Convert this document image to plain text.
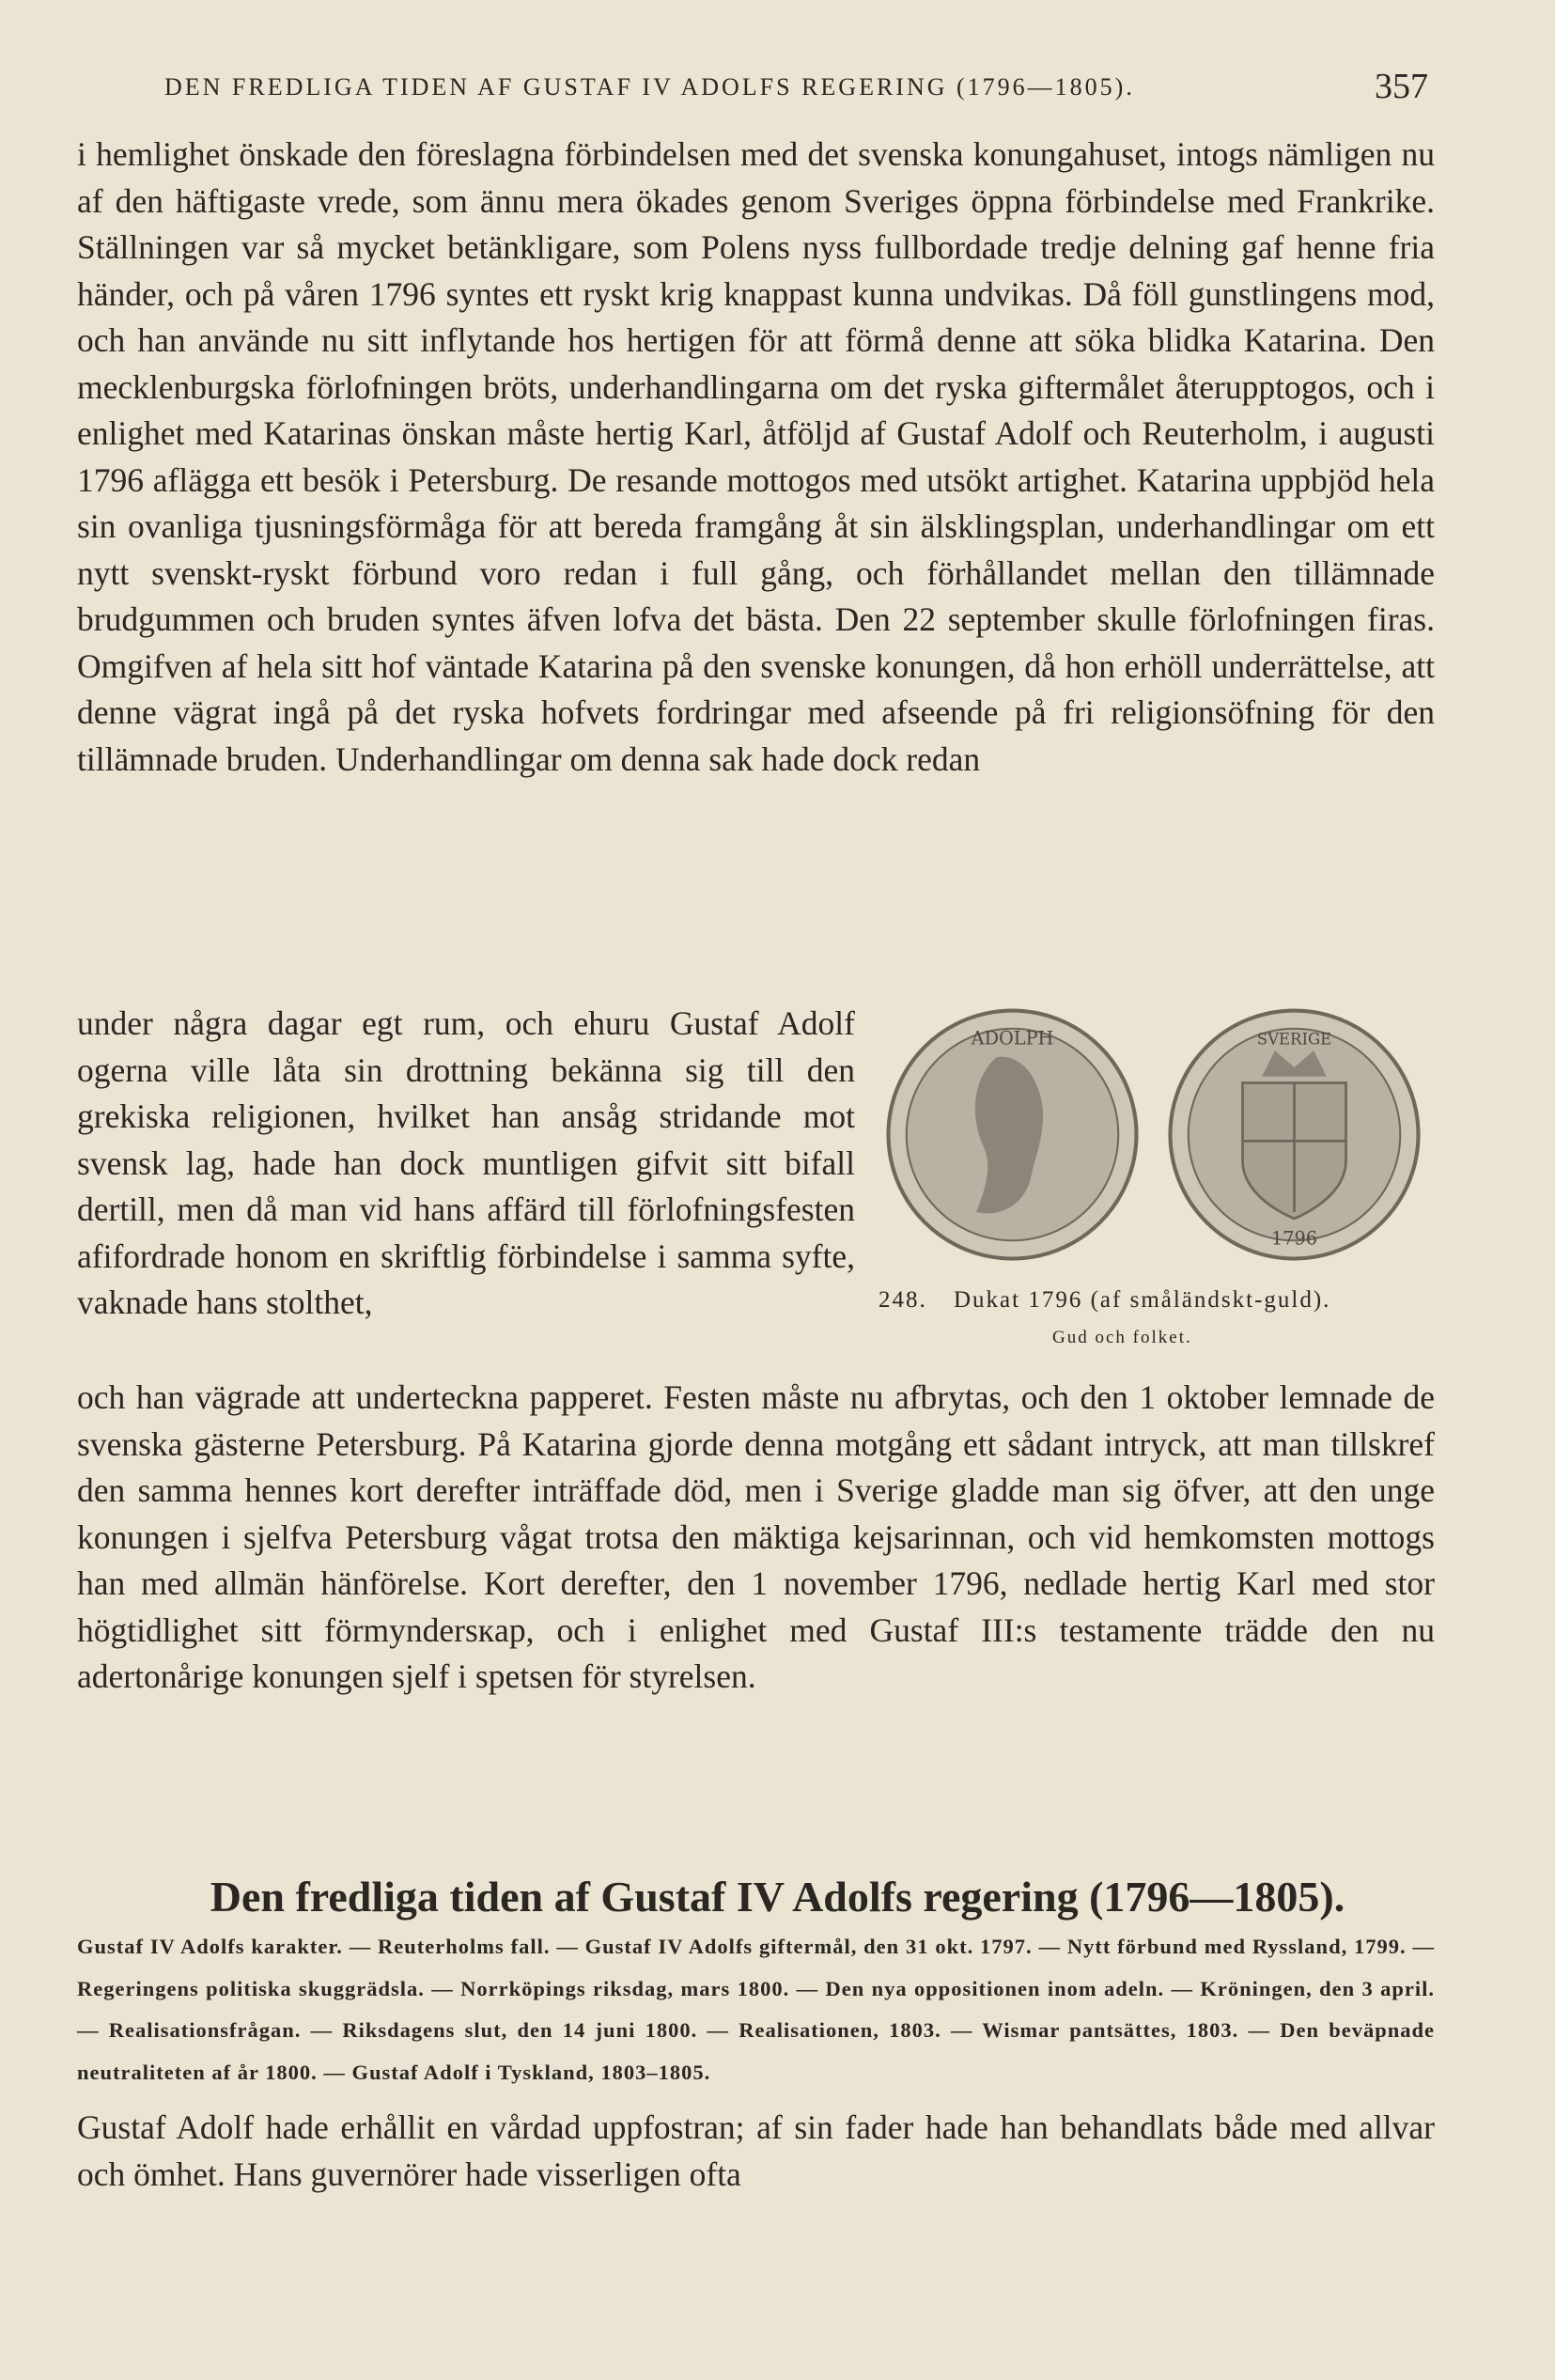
DEN FREDLIGA TIDEN AF GUSTAF IV ADOLFS REGERING (1796—1805).	357
i hemlighet önskade den föreslagna förbindelsen med det svenska konungahuset, intogs nämligen nu af den häftigaste vrede, som ännu mera ökades genom Sveriges öppna förbindelse med Frankrike. Ställningen var så mycket betänkligare, som Polens nyss fullbordade tredje delning gaf henne fria händer, och på våren 1796 syntes ett ryskt krig knappast kunna undvikas. Då föll gunstlingens mod, och han använde nu sitt inflytande hos hertigen för att förmå denne att söka blidka Katarina. Den mecklenburgska förlofningen bröts, underhandlingarna om det ryska giftermålet återupptogos, och i enlighet med Katarinas önskan måste hertig Karl, åtföljd af Gustaf Adolf och Reuterholm, i augusti 1796 aflägga ett besök i Petersburg. De resande mottogos med utsökt artighet. Katarina uppbjöd hela sin ovanliga tjusningsförmåga för att bereda framgång åt sin älsklingsplan, underhandlingar om ett nytt svenskt-ryskt förbund voro redan i full gång, och förhållandet mellan den tillämnade brudgummen och bruden syntes äfven lofva det bästa. Den 22 september skulle förlofningen firas. Omgifven af hela sitt hof väntade Katarina på den svenske konungen, då hon erhöll underrättelse, att denne vägrat ingå på det ryska hofvets fordringar med afseende på fri religionsöfning för den tillämnade bruden. Underhandlingar om denna sak hade dock redan
under några dagar egt rum, och ehuru Gustaf Adolf ogerna ville låta sin drottning bekänna sig till den grekiska religionen, hvilket han ansåg stridande mot svensk lag, hade han dock muntligen gifvit sitt bifall dertill, men då man vid hans affärd till förlofningsfesten afifordrade honom en skriftlig förbindelse i samma syfte, vaknade hans stolthet,
ADOLPH	SVERIGE
1796
248. Dukat 1796 (af småländskt-guld).
Gud och folket.
och han vägrade att underteckna papperet. Festen måste nu afbrytas, och den 1 oktober lemnade de svenska gästerne Petersburg. På Katarina gjorde denna motgång ett sådant intryck, att man tillskref den samma hennes kort derefter inträffade död, men i Sverige gladde man sig öfver, att den unge konungen i sjelfva Petersburg vågat trotsa den mäktiga kejsarinnan, och vid hemkomsten mottogs han med allmän hänförelse. Kort derefter, den 1 november 1796, nedlade hertig Karl med stor högtidlighet sitt förmyndersкap, och i enlighet med Gustaf III:s testamente trädde den nu adertonårige konungen sjelf i spetsen för styrelsen.
Den fredliga tiden af Gustaf IV Adolfs regering (1796—1805).
Gustaf IV Adolfs karakter. — Reuterholms fall. — Gustaf IV Adolfs giftermål, den 31 okt. 1797. — Nytt förbund med Ryssland, 1799. — Regeringens politiska skuggrädsla. — Norrköpings riksdag, mars 1800. — Den nya oppositionen inom adeln. — Kröningen, den 3 april. — Realisationsfrågan. — Riksdagens slut, den 14 juni 1800. — Realisationen, 1803. — Wismar pantsättes, 1803. — Den beväpnade neutraliteten af år 1800. — Gustaf Adolf i Tyskland, 1803–1805.
Gustaf Adolf hade erhållit en vårdad uppfostran; af sin fader hade han behandlats både med allvar och ömhet. Hans guvernörer hade visserligen ofta
